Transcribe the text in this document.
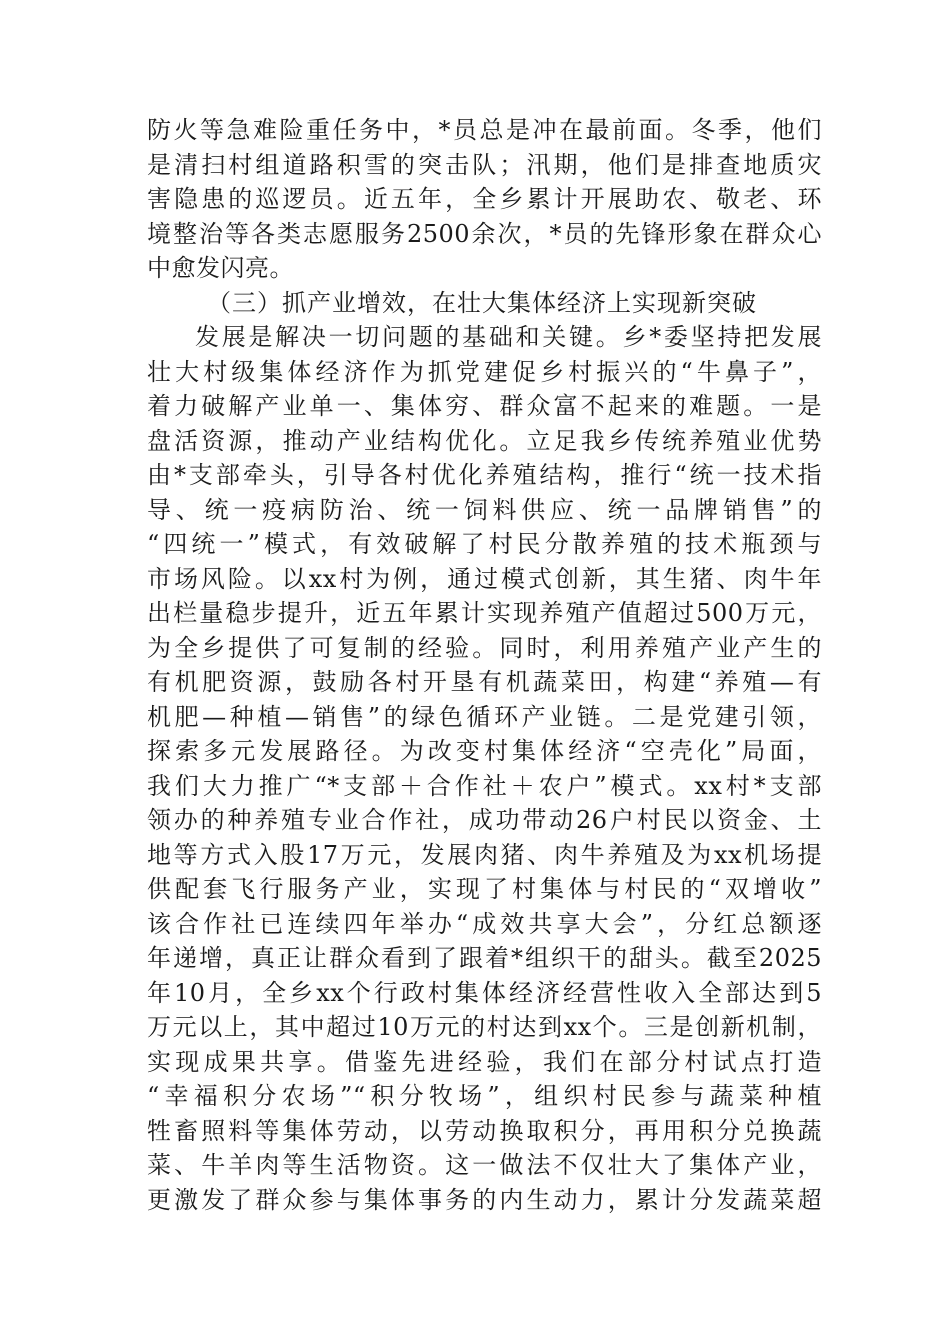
防火等急难险重任务中，*员总是冲在最前面。冬季，他们
是清扫村组道路积雪的突击队；汛期，他们是排查地质灾
害隐患的巡逻员。近五年，全乡累计开展助农、敬老、环
境整治等各类志愿服务2500余次，*员的先锋形象在群众心
中愈发闪亮。
（三）抓产业增效，在壮大集体经济上实现新突破
发展是解决一切问题的基础和关键。乡*委坚持把发展
壮大村级集体经济作为抓党建促乡村振兴的“牛鼻子”，
着力破解产业单一、集体穷、群众富不起来的难题。一是
盘活资源，推动产业结构优化。立足我乡传统养殖业优势
由*支部牵头，引导各村优化养殖结构，推行“统一技术指
导、统一疫病防治、统一饲料供应、统一品牌销售”的
“四统一”模式，有效破解了村民分散养殖的技术瓶颈与
市场风险。以xx村为例，通过模式创新，其生猪、肉牛年
出栏量稳步提升，近五年累计实现养殖产值超过500万元，
为全乡提供了可复制的经验。同时，利用养殖产业产生的
有机肥资源，鼓励各村开垦有机蔬菜田，构建“养殖—有
机肥—种植—销售”的绿色循环产业链。二是党建引领，
探索多元发展路径。为改变村集体经济“空壳化”局面，
我们大力推广“*支部＋合作社＋农户”模式。xx村*支部
领办的种养殖专业合作社，成功带动26户村民以资金、土
地等方式入股17万元，发展肉猪、肉牛养殖及为xx机场提
供配套飞行服务产业，实现了村集体与村民的“双增收”
该合作社已连续四年举办“成效共享大会”，分红总额逐
年递增，真正让群众看到了跟着*组织干的甜头。截至2025
年10月，全乡xx个行政村集体经济经营性收入全部达到5
万元以上，其中超过10万元的村达到xx个。三是创新机制，
实现成果共享。借鉴先进经验，我们在部分村试点打造
“幸福积分农场”“积分牧场”，组织村民参与蔬菜种植
牲畜照料等集体劳动，以劳动换取积分，再用积分兑换蔬
菜、牛羊肉等生活物资。这一做法不仅壮大了集体产业，
更激发了群众参与集体事务的内生动力，累计分发蔬菜超
